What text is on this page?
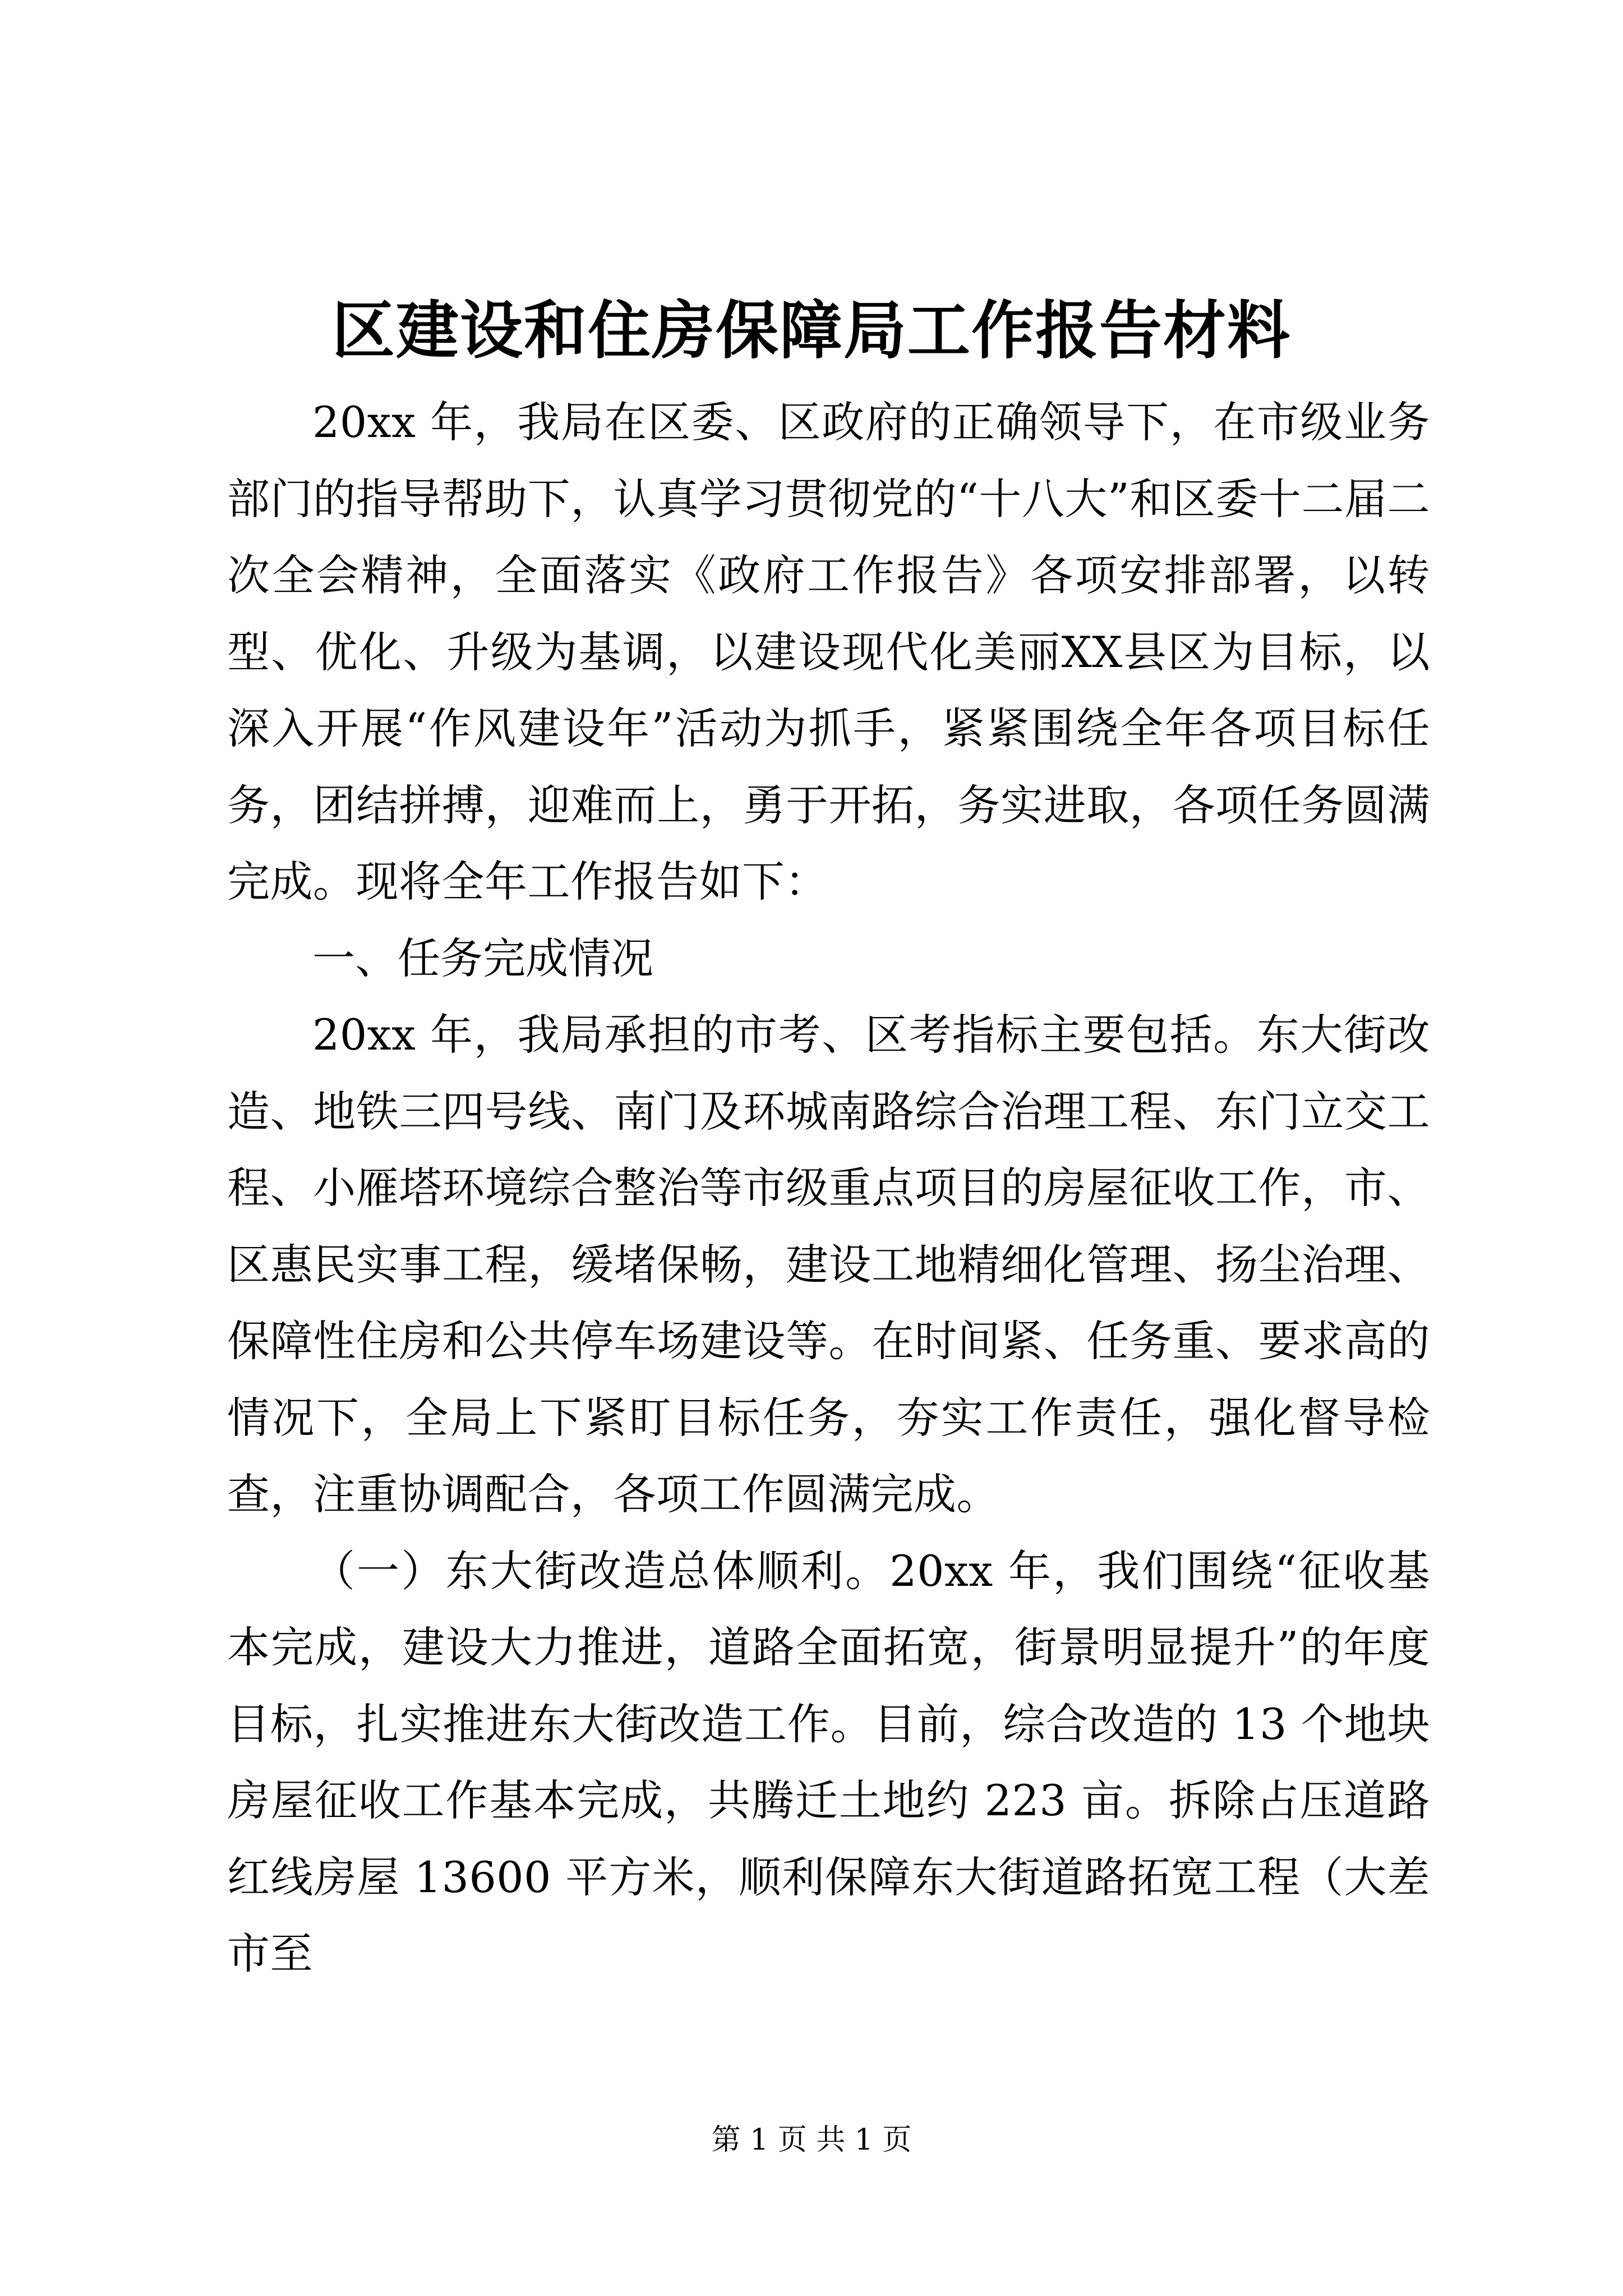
区建设和住房保障局工作报告材料

20xx 年，我局在区委、区政府的正确领导下，在市级业务部门的指导帮助下，认真学习贯彻党的“十八大”和区委十二届二次全会精神，全面落实《政府工作报告》各项安排部署，以转型、优化、升级为基调，以建设现代化美丽XX县区为目标，以深入开展“作风建设年”活动为抓手，紧紧围绕全年各项目标任务，团结拼搏，迎难而上，勇于开拓，务实进取，各项任务圆满完成。现将全年工作报告如下：

一、任务完成情况

20xx 年，我局承担的市考、区考指标主要包括。东大街改造、地铁三四号线、南门及环城南路综合治理工程、东门立交工程、小雁塔环境综合整治等市级重点项目的房屋征收工作，市、区惠民实事工程，缓堵保畅，建设工地精细化管理、扬尘治理、保障性住房和公共停车场建设等。在时间紧、任务重、要求高的情况下，全局上下紧盯目标任务，夯实工作责任，强化督导检查，注重协调配合，各项工作圆满完成。

（一）东大街改造总体顺利。20xx 年，我们围绕“征收基本完成，建设大力推进，道路全面拓宽，街景明显提升”的年度目标，扎实推进东大街改造工作。目前，综合改造的 13 个地块房屋征收工作基本完成，共腾迁土地约 223 亩。拆除占压道路红线房屋 13600 平方米，顺利保障东大街道路拓宽工程（大差市至

第 1 页 共 1 页
